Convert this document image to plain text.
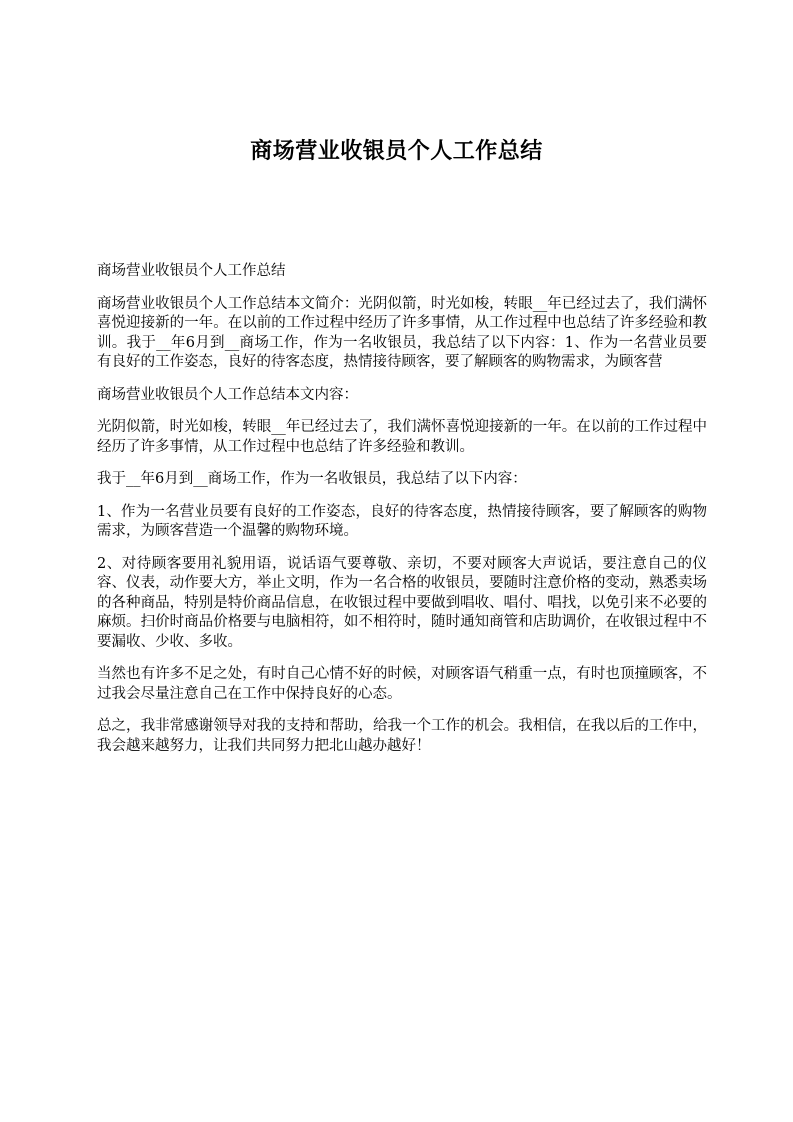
商场营业收银员个人工作总结

商场营业收银员个人工作总结

商场营业收银员个人工作总结本文简介：光阴似箭，时光如梭，转眼__年已经过去了，我们满怀喜悦迎接新的一年。在以前的工作过程中经历了许多事情，从工作过程中也总结了许多经验和教训。我于__年6月到__商场工作，作为一名收银员，我总结了以下内容：1、作为一名营业员要有良好的工作姿态，良好的待客态度，热情接待顾客，要了解顾客的购物需求，为顾客营

商场营业收银员个人工作总结本文内容：

光阴似箭，时光如梭，转眼__年已经过去了，我们满怀喜悦迎接新的一年。在以前的工作过程中经历了许多事情，从工作过程中也总结了许多经验和教训。

我于__年6月到__商场工作，作为一名收银员，我总结了以下内容：

1、作为一名营业员要有良好的工作姿态，良好的待客态度，热情接待顾客，要了解顾客的购物需求，为顾客营造一个温馨的购物环境。

2、对待顾客要用礼貌用语，说话语气要尊敬、亲切，不要对顾客大声说话，要注意自己的仪容、仪表，动作要大方，举止文明，作为一名合格的收银员，要随时注意价格的变动，熟悉卖场的各种商品，特别是特价商品信息，在收银过程中要做到唱收、唱付、唱找，以免引来不必要的麻烦。扫价时商品价格要与电脑相符，如不相符时，随时通知商管和店助调价，在收银过程中不要漏收、少收、多收。

当然也有许多不足之处，有时自己心情不好的时候，对顾客语气稍重一点，有时也顶撞顾客，不过我会尽量注意自己在工作中保持良好的心态。

总之，我非常感谢领导对我的支持和帮助，给我一个工作的机会。我相信，在我以后的工作中，我会越来越努力，让我们共同努力把北山越办越好！
